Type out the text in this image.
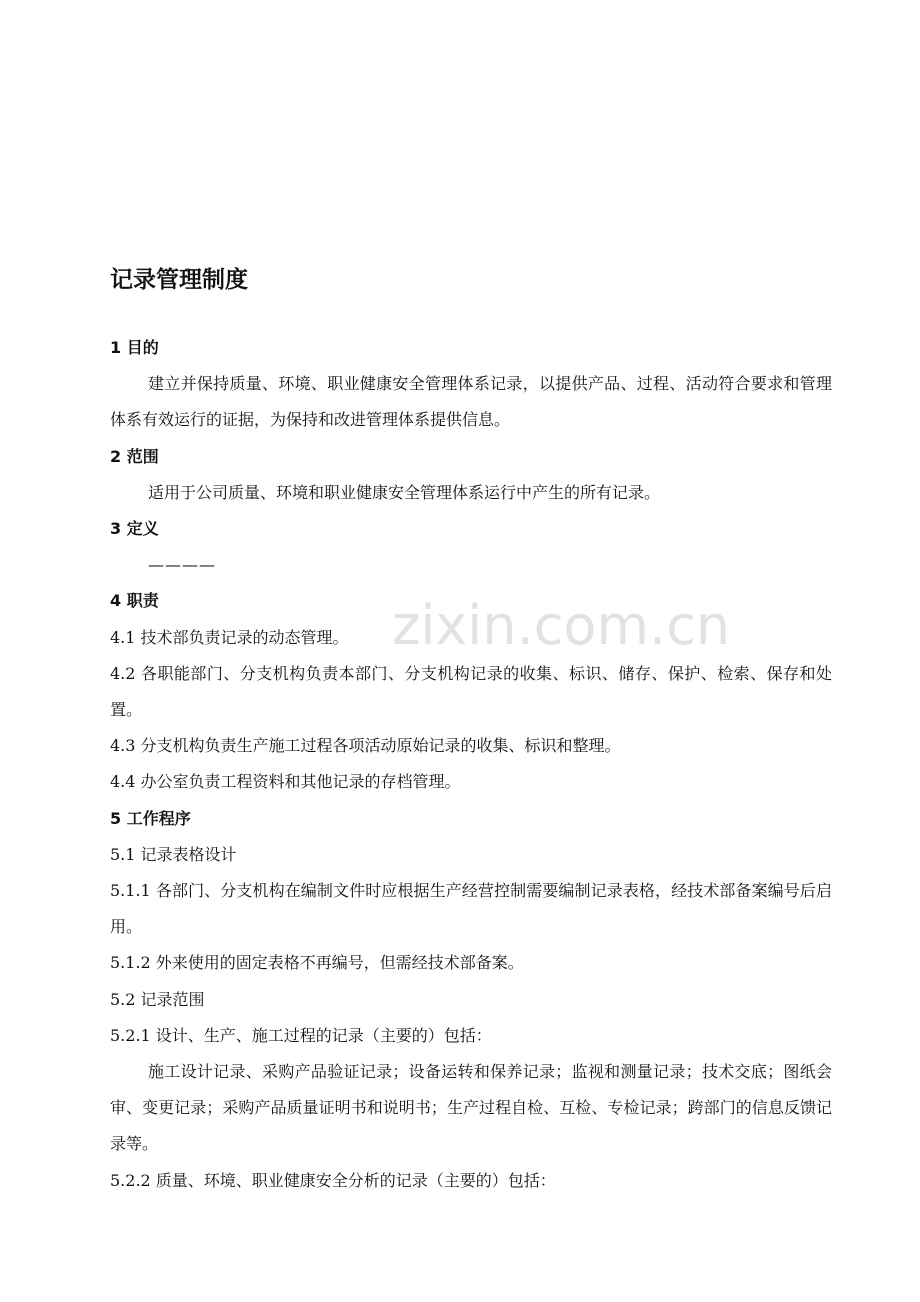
zixin.com.cn
记录管理制度

1 目的

建立并保持质量、环境、职业健康安全管理体系记录，以提供产品、过程、活动符合要求和管理体系有效运行的证据，为保持和改进管理体系提供信息。

2 范围

适用于公司质量、环境和职业健康安全管理体系运行中产生的所有记录。

3 定义

————

4 职责

4.1 技术部负责记录的动态管理。

4.2 各职能部门、分支机构负责本部门、分支机构记录的收集、标识、储存、保护、检索、保存和处置。

4.3 分支机构负责生产施工过程各项活动原始记录的收集、标识和整理。

4.4 办公室负责工程资料和其他记录的存档管理。

5 工作程序

5.1 记录表格设计

5.1.1 各部门、分支机构在编制文件时应根据生产经营控制需要编制记录表格，经技术部备案编号后启用。

5.1.2 外来使用的固定表格不再编号，但需经技术部备案。

5.2 记录范围

5.2.1 设计、生产、施工过程的记录（主要的）包括：

施工设计记录、采购产品验证记录；设备运转和保养记录；监视和测量记录；技术交底；图纸会审、变更记录；采购产品质量证明书和说明书；生产过程自检、互检、专检记录；跨部门的信息反馈记录等。

5.2.2 质量、环境、职业健康安全分析的记录（主要的）包括：
